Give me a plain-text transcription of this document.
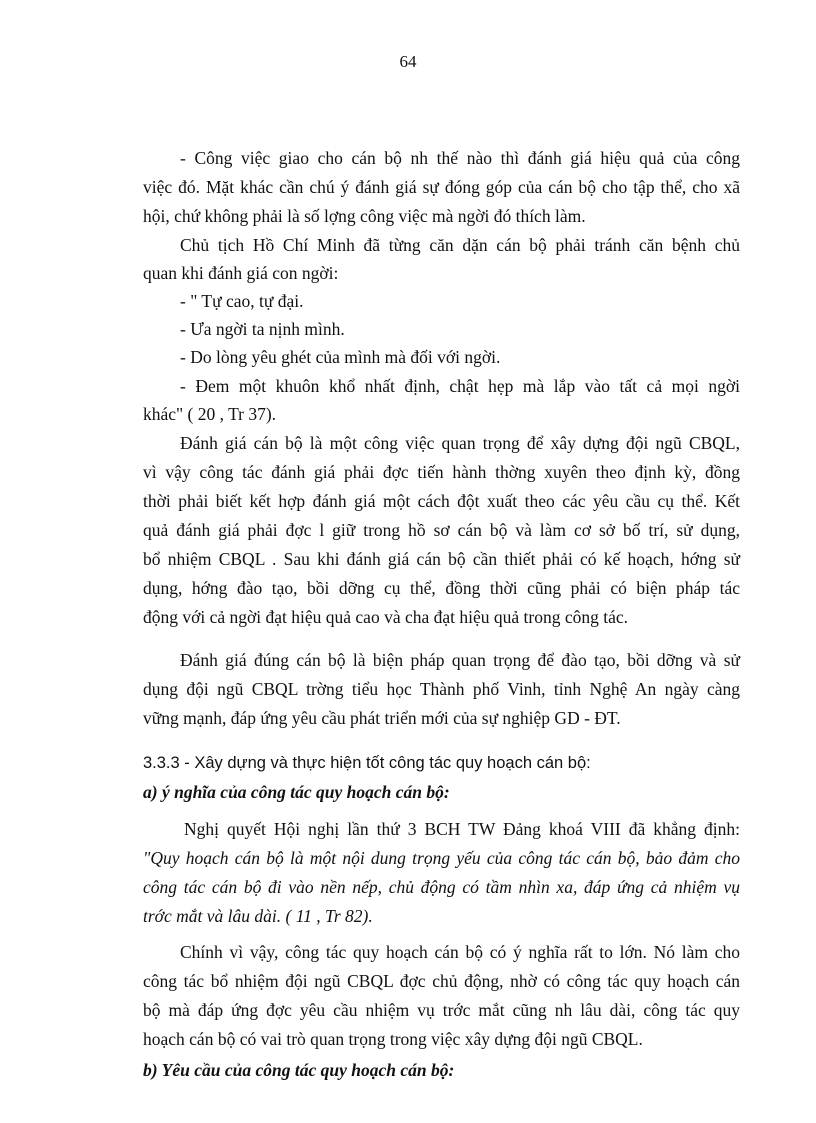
64
- Công việc giao cho cán bộ nh thế nào thì đánh giá hiệu quả của công
việc đó. Mặt khác cần chú ý đánh giá sự đóng góp của cán bộ cho tập thể, cho xã
hội, chứ không phải là số lợng công việc mà ngời đó thích làm.
Chủ tịch Hồ Chí Minh đã từng căn dặn cán bộ phải tránh căn bệnh chủ
quan khi đánh giá con ngời:
- " Tự cao, tự đại.
- Ưa ngời ta nịnh mình.
- Do lòng yêu ghét của mình mà đối với ngời.
- Đem một khuôn khổ nhất định, chật hẹp mà lắp vào tất cả mọi ngời
khác" ( 20 , Tr 37).
Đánh giá cán bộ là một công việc quan trọng để xây dựng đội ngũ CBQL,
vì vậy công tác đánh giá phải đợc tiến hành thờng xuyên theo định kỳ, đồng
thời phải biết kết hợp đánh giá một cách đột xuất theo các yêu cầu cụ thể. Kết
quả đánh giá phải đợc l giữ trong hồ sơ cán bộ và làm cơ sở bố trí, sử dụng,
bổ nhiệm CBQL . Sau khi đánh giá cán bộ cần thiết phải có kế hoạch, hớng sử
dụng, hớng đào tạo, bồi dỡng cụ thể, đồng thời cũng phải có biện pháp tác
động với cả ngời đạt hiệu quả cao và cha đạt hiệu quả trong công tác.
Đánh giá đúng cán bộ là biện pháp quan trọng để đào tạo, bồi dỡng và sử
dụng đội ngũ CBQL trờng tiểu học Thành phố Vinh, tỉnh Nghệ An ngày càng
vững mạnh, đáp ứng yêu cầu phát triển mới của sự nghiệp GD - ĐT.
3.3.3 - Xây dựng và thực hiện tốt công tác quy hoạch cán bộ:
a) ý nghĩa của công tác quy hoạch cán bộ:
Nghị quyết Hội nghị lần thứ 3 BCH TW Đảng khoá VIII đã khẳng định:
"Quy hoạch cán bộ là một nội dung trọng yếu của công tác cán bộ, bảo đảm cho
công tác cán bộ đi vào nền nếp, chủ động có tầm nhìn xa, đáp ứng cả nhiệm vụ
trớc mắt và lâu dài. ( 11 , Tr 82).
Chính vì vậy, công tác quy hoạch cán bộ có ý nghĩa rất to lớn. Nó làm cho
công tác bổ nhiệm đội ngũ CBQL đợc chủ động, nhờ có công tác quy hoạch cán
bộ mà đáp ứng đợc yêu cầu nhiệm vụ trớc mắt cũng nh lâu dài, công tác quy
hoạch cán bộ có vai trò quan trọng trong việc xây dựng đội ngũ CBQL.
b) Yêu cầu của công tác quy hoạch cán bộ:
